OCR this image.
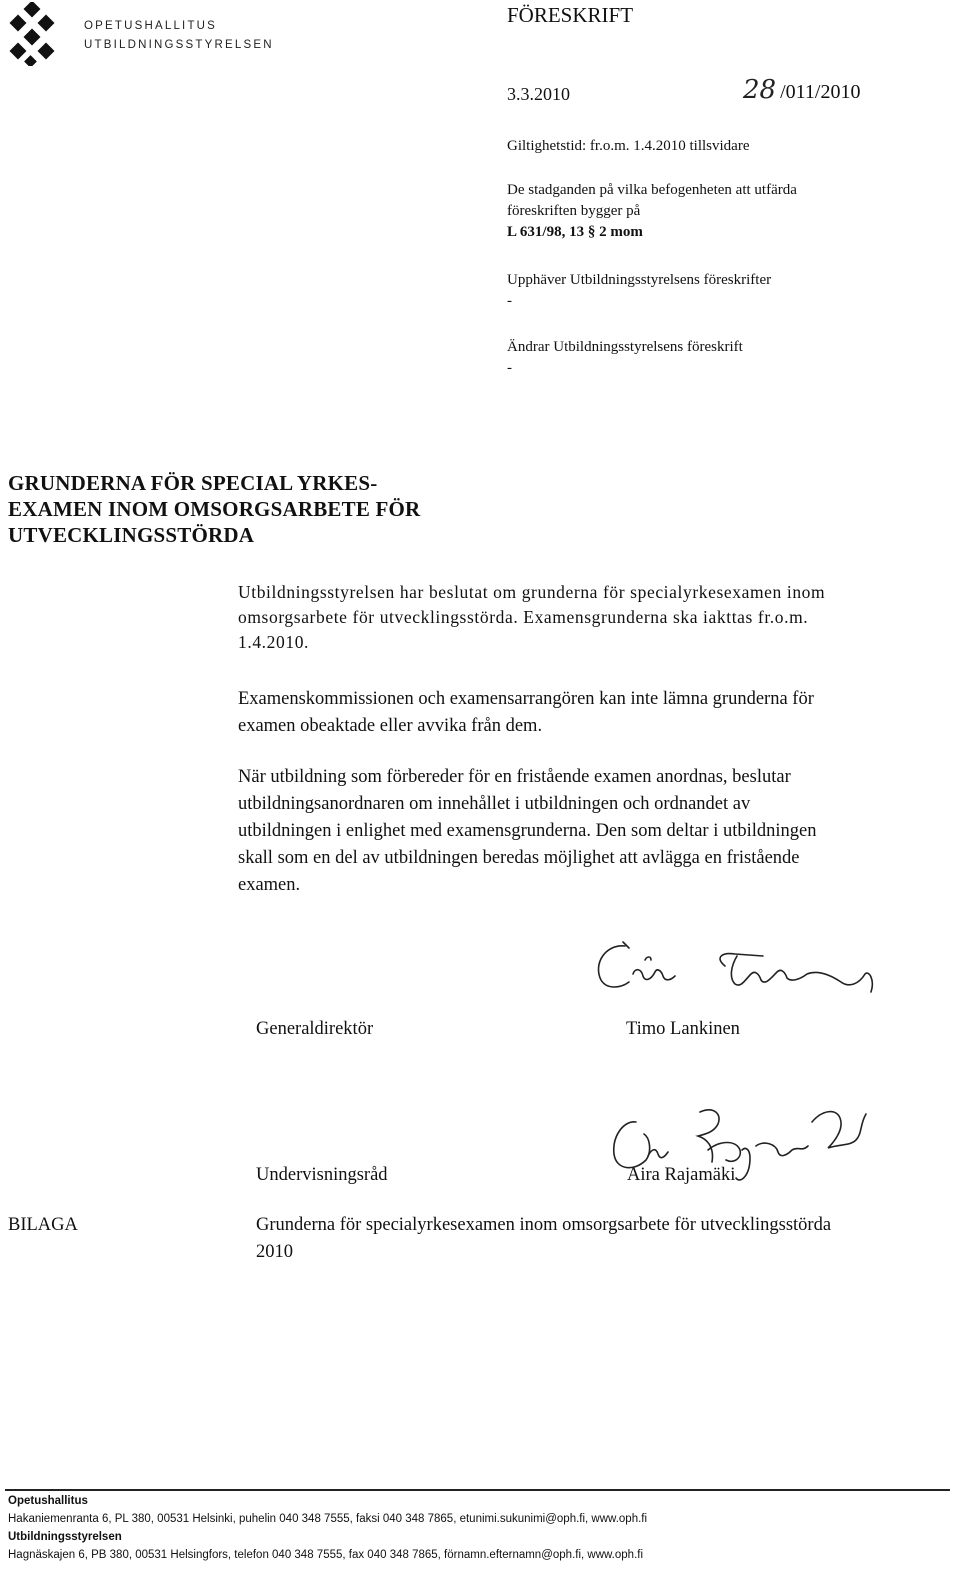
OPETUSHALLITUS
UTBILDNINGSSTYRELSEN
FÖRESKRIFT
3.3.2010	28 /011/2010
Giltighetstid: fr.o.m. 1.4.2010 tillsvidare
De stadganden på vilka befogenheten att utfärda
föreskriften bygger på
L 631/98, 13 § 2 mom
Upphäver Utbildningsstyrelsens föreskrifter
-
Ändrar Utbildningsstyrelsens föreskrift
-
GRUNDERNA FÖR SPECIAL YRKES-
EXAMEN INOM OMSORGSARBETE FÖR
UTVECKLINGSSTÖRDA
Utbildningsstyrelsen har beslutat om grunderna för specialyrkesexamen inom
omsorgsarbete för utvecklingsstörda. Examensgrunderna ska iakttas fr.o.m.
1.4.2010.
Examenskommissionen och examensarrangören kan inte lämna grunderna för
examen obeaktade eller avvika från dem.
När utbildning som förbereder för en fristående examen anordnas, beslutar
utbildningsanordnaren om innehållet i utbildningen och ordnandet av
utbildningen i enlighet med examensgrunderna. Den som deltar i utbildningen
skall som en del av utbildningen beredas möjlighet att avlägga en fristående
examen.
Generaldirektör	Timo Lankinen
Undervisningsråd	Aira Rajamäki
BILAGA	Grunderna för specialyrkesexamen inom omsorgsarbete för utvecklingsstörda
2010
Opetushallitus
Hakaniemenranta 6, PL 380, 00531 Helsinki, puhelin 040 348 7555, faksi 040 348 7865, etunimi.sukunimi@oph.fi, www.oph.fi
Utbildningsstyrelsen
Hagnäskajen 6, PB 380, 00531 Helsingfors, telefon 040 348 7555, fax 040 348 7865, förnamn.efternamn@oph.fi, www.oph.fi
